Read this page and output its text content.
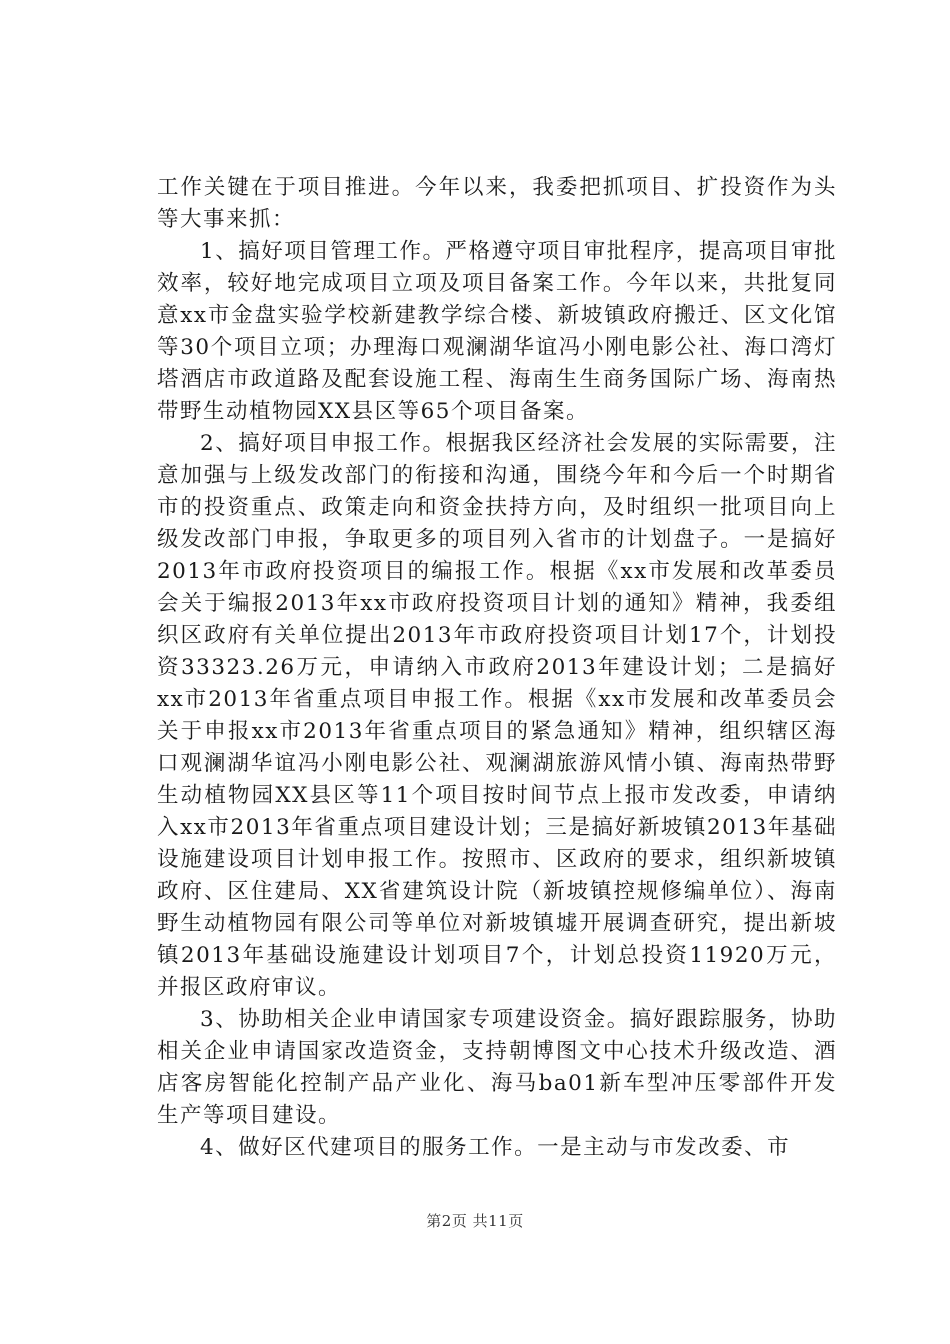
工作关键在于项目推进。今年以来，我委把抓项目、扩投资作为头等大事来抓：

1、搞好项目管理工作。严格遵守项目审批程序，提高项目审批效率，较好地完成项目立项及项目备案工作。今年以来，共批复同意xx市金盘实验学校新建教学综合楼、新坡镇政府搬迁、区文化馆等30个项目立项；办理海口观澜湖华谊冯小刚电影公社、海口湾灯塔酒店市政道路及配套设施工程、海南生生商务国际广场、海南热带野生动植物园XX县区等65个项目备案。

2、搞好项目申报工作。根据我区经济社会发展的实际需要，注意加强与上级发改部门的衔接和沟通，围绕今年和今后一个时期省市的投资重点、政策走向和资金扶持方向，及时组织一批项目向上级发改部门申报，争取更多的项目列入省市的计划盘子。一是搞好2013年市政府投资项目的编报工作。根据《xx市发展和改革委员会关于编报2013年xx市政府投资项目计划的通知》精神，我委组织区政府有关单位提出2013年市政府投资项目计划17个，计划投资33323.26万元，申请纳入市政府2013年建设计划；二是搞好xx市2013年省重点项目申报工作。根据《xx市发展和改革委员会关于申报xx市2013年省重点项目的紧急通知》精神，组织辖区海口观澜湖华谊冯小刚电影公社、观澜湖旅游风情小镇、海南热带野生动植物园XX县区等11个项目按时间节点上报市发改委，申请纳入xx市2013年省重点项目建设计划；三是搞好新坡镇2013年基础设施建设项目计划申报工作。按照市、区政府的要求，组织新坡镇政府、区住建局、XX省建筑设计院（新坡镇控规修编单位）、海南野生动植物园有限公司等单位对新坡镇墟开展调查研究，提出新坡镇2013年基础设施建设计划项目7个，计划总投资11920万元，并报区政府审议。

3、协助相关企业申请国家专项建设资金。搞好跟踪服务，协助相关企业申请国家改造资金，支持朝博图文中心技术升级改造、酒店客房智能化控制产品产业化、海马ba01新车型冲压零部件开发生产等项目建设。

4、做好区代建项目的服务工作。一是主动与市发改委、市

第2页 共11页
